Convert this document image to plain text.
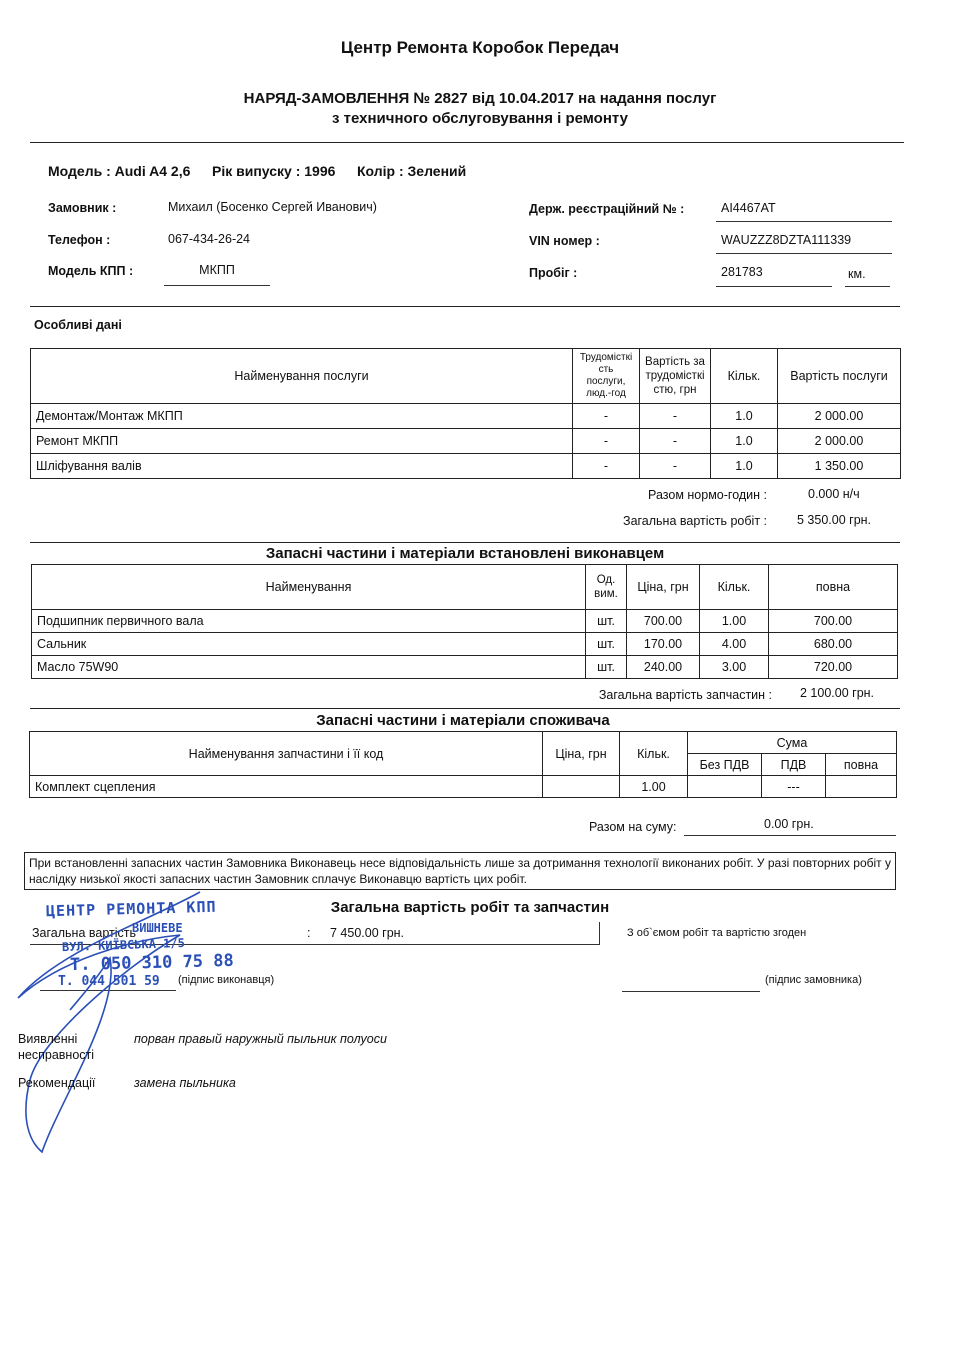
Центр Ремонта Коробок Передач
НАРЯД-ЗАМОВЛЕННЯ № 2827 від 10.04.2017 на надання послуг
з техничного обслуговування і ремонту
Модель : Audi A4 2,6 Рік випуску : 1996 Колір : Зелений
Замовник :	Михаил (Босенко Сергей Иванович)
Телефон :	067-434-26-24
Модель КПП :	МКПП
Держ. реєстраційний № :	AI4467AT
VIN номер :	WAUZZZ8DZTA111339
Пробіг :	281783	км.
Особливі дані
Найменування послуги	Трудомісткі сть послуги, люд.-год	Вартість за трудомісткі стю, грн	Кільк.	Вартість послуги
Демонтаж/Монтаж МКПП	-	-	1.0	2 000.00
Ремонт МКПП	-	-	1.0	2 000.00
Шліфування валів	-	-	1.0	1 350.00
Разом нормо-годин :	0.000 н/ч
Загальна вартість робіт : 5 350.00 грн.
Запасні частини і матеріали встановлені виконавцем
Найменування	Од. вим.	Ціна, грн	Кільк.	повна
Подшипник первичного вала	шт.	700.00	1.00	700.00
Сальник	шт.	170.00	4.00	680.00
Масло 75W90	шт.	240.00	3.00	720.00
Загальна вартість запчастин : 2 100.00 грн.
Запасні частини і матеріали споживача
Найменування запчастини і її код	Ціна, грн	Кільк.	Сума		
			Без ПДВ	ПДВ	повна
Комплект сцепления		1.00		---	
Разом на суму:	0.00 грн.
При встановленні запасних частин Замовника Виконавець несе відповідальність лише за дотримання технології виконаних робіт. У разі повторних робіт у наслідку низької якості запасних частин Замовник сплачує Виконавцю вартість цих робіт.
Загальна вартість робіт та запчастин
Загальна вартість	: 7 450.00 грн.	З об`ємом робіт та вартістю згоден
(підпис виконавця)	(підпис замовника)
ЦЕНТР РЕМОНТА КПП
ВИШНЕВЕ
ВУЛ. КИЇВСЬКА 1/5
T. 050 310 75 88
T. 044 501 59
Виявленні несправності
порван правый наружный пыльник полуоси
Рекомендації	замена пыльника
